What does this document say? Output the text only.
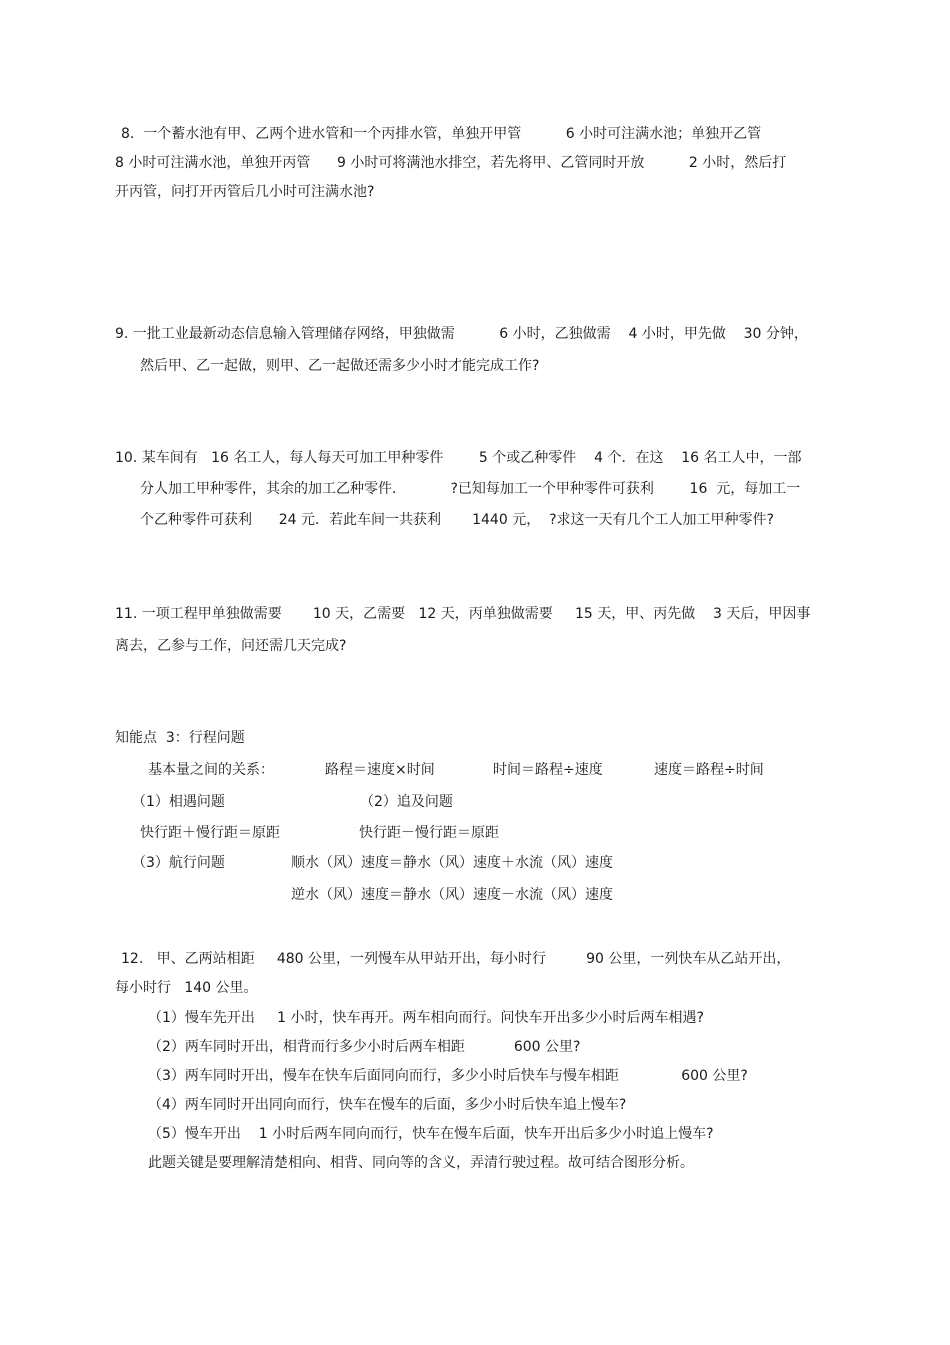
8.  一个蓄水池有甲、乙两个进水管和一个丙排水管，单独开甲管          6 小时可注满水池；单独开乙管
8 小时可注满水池，单独开丙管      9 小时可将满池水排空，若先将甲、乙管同时开放          2 小时，然后打
开丙管，问打开丙管后几小时可注满水池?
9. 一批工业最新动态信息输入管理储存网络，甲独做需          6 小时，乙独做需    4 小时，甲先做    30 分钟，
然后甲、乙一起做，则甲、乙一起做还需多少小时才能完成工作?
10. 某车间有   16 名工人，每人每天可加工甲种零件        5 个或乙种零件    4 个．在这    16 名工人中，一部
分人加工甲种零件，其余的加工乙种零件．          ?已知每加工一个甲种零件可获利        16  元，每加工一
个乙种零件可获利      24 元．若此车间一共获利       1440 元，  ?求这一天有几个工人加工甲种零件?
11. 一项工程甲单独做需要       10 天，乙需要   12 天，丙单独做需要     15 天，甲、丙先做    3 天后，甲因事
离去，乙参与工作，问还需几天完成?
知能点  3：行程问题
基本量之间的关系：	路程＝速度×时间	时间＝路程÷速度	速度＝路程÷时间
（1）相遇问题	（2）追及问题
快行距＋慢行距＝原距	快行距－慢行距＝原距
（3）航行问题	顺水（风）速度＝静水（风）速度＋水流（风）速度
逆水（风）速度＝静水（风）速度－水流（风）速度
12.   甲、乙两站相距     480 公里，一列慢车从甲站开出，每小时行         90 公里，一列快车从乙站开出，
每小时行   140 公里。
（1）慢车先开出     1 小时，快车再开。两车相向而行。问快车开出多少小时后两车相遇?
（2）两车同时开出，相背而行多少小时后两车相距           600 公里?
（3）两车同时开出，慢车在快车后面同向而行，多少小时后快车与慢车相距              600 公里?
（4）两车同时开出同向而行，快车在慢车的后面，多少小时后快车追上慢车?
（5）慢车开出    1 小时后两车同向而行，快车在慢车后面，快车开出后多少小时追上慢车?
此题关键是要理解清楚相向、相背、同向等的含义，弄清行驶过程。故可结合图形分析。
